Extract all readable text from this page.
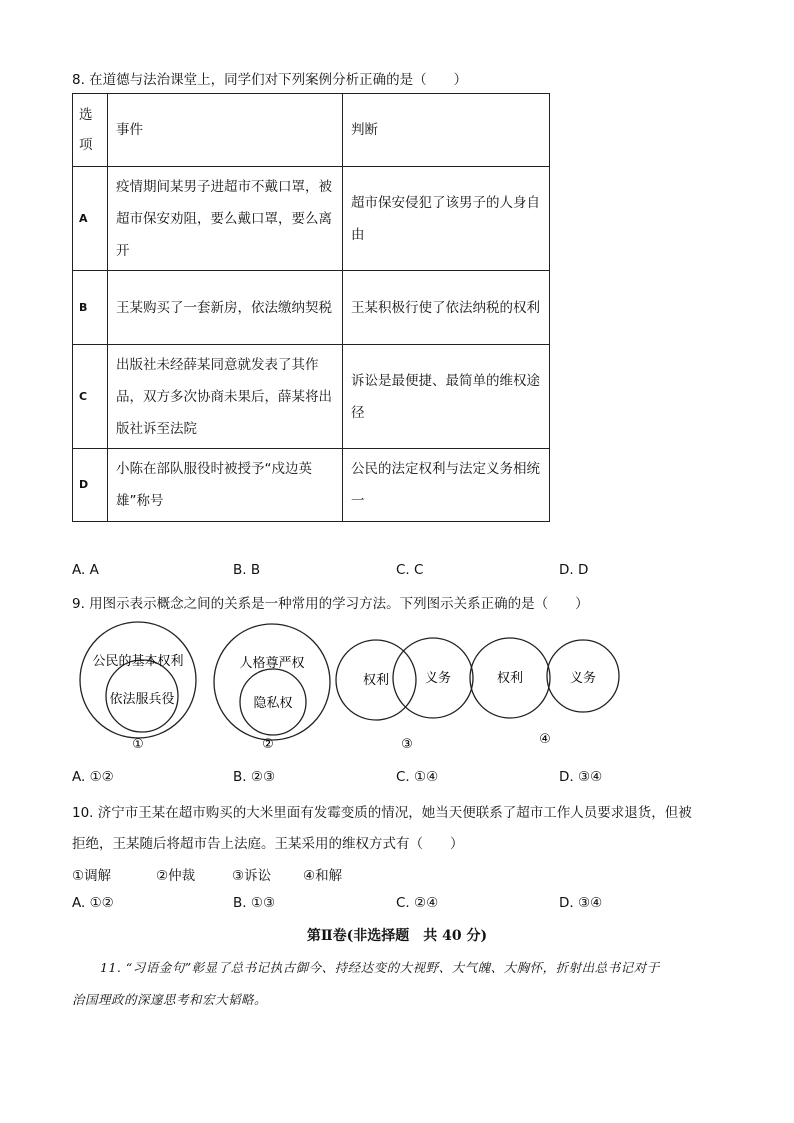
8. 在道德与法治课堂上，同学们对下列案例分析正确的是（　　）
选
项	事件	判断
A	疫情期间某男子进超市不戴口罩，被超市保安劝阻，要么戴口罩，要么离开	超市保安侵犯了该男子的人身自由
B	王某购买了一套新房，依法缴纳契税	王某积极行使了依法纳税的权利
C	出版社未经薛某同意就发表了其作品，双方多次协商未果后，薛某将出版社诉至法院	诉讼是最便捷、最简单的维权途径
D	小陈在部队服役时被授予“戍边英雄”称号	公民的法定权利与法定义务相统一
A. A	B. B	C. C	D. D
9. 用图示表示概念之间的关系是一种常用的学习方法。下列图示关系正确的是（　　）
公民的基本权利
依法服兵役
①
人格尊严权
隐私权
②
权利	义务
③
权利	义务
④
A. ①②	B. ②③	C. ①④	D. ③④
10. 济宁市王某在超市购买的大米里面有发霉变质的情况，她当天便联系了超市工作人员要求退货，但被
拒绝，王某随后将超市告上法庭。王某采用的维权方式有（　　）
①调解	②仲裁	③诉讼 ④和解
A. ①②	B. ①③	C. ②④	D. ③④
第Ⅱ卷(非选择题　共 40 分)
11. “习语金句”彰显了总书记执古御今、持经达变的大视野、大气魄、大胸怀，折射出总书记对于
治国理政的深邃思考和宏大韬略。
